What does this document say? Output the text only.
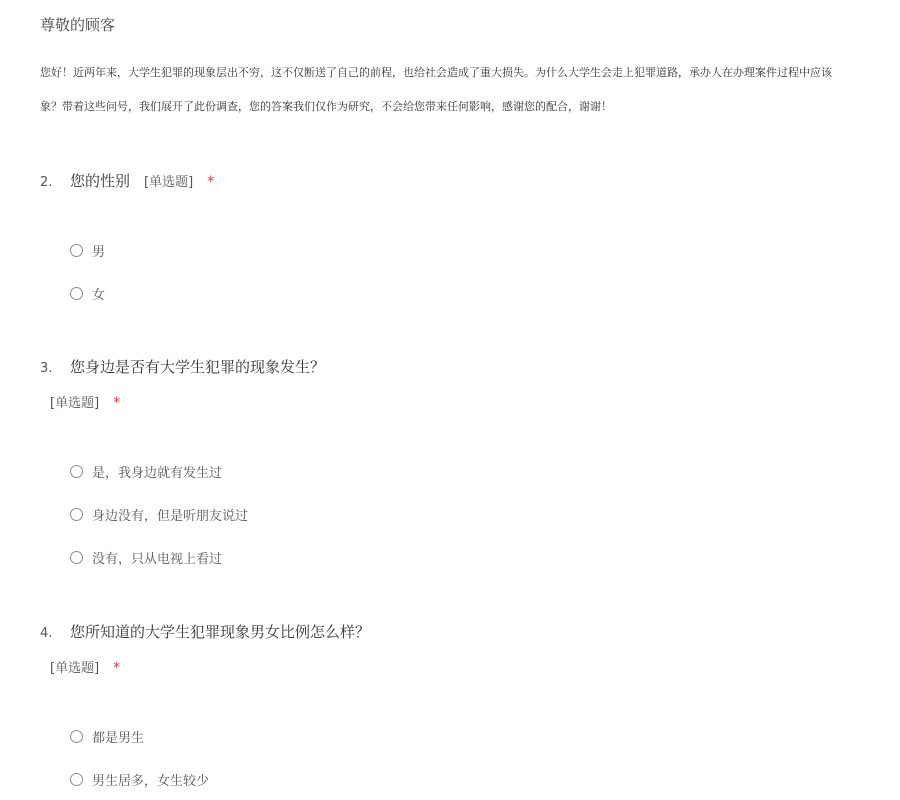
尊敬的顾客
您好！近两年来，大学生犯罪的现象层出不穷，这不仅断送了自己的前程，也给社会造成了重大损失。为什么大学生会走上犯罪道路，承办人在办理案件过程中应该
象？带着这些问号，我们展开了此份调查，您的答案我们仅作为研究，不会给您带来任何影响，感谢您的配合，谢谢！
2. 您的性别 [单选题] *
男
女
3. 您身边是否有大学生犯罪的现象发生？
[单选题] *
是，我身边就有发生过
身边没有，但是听朋友说过
没有，只从电视上看过
4. 您所知道的大学生犯罪现象男女比例怎么样？
[单选题] *
都是男生
男生居多，女生较少
